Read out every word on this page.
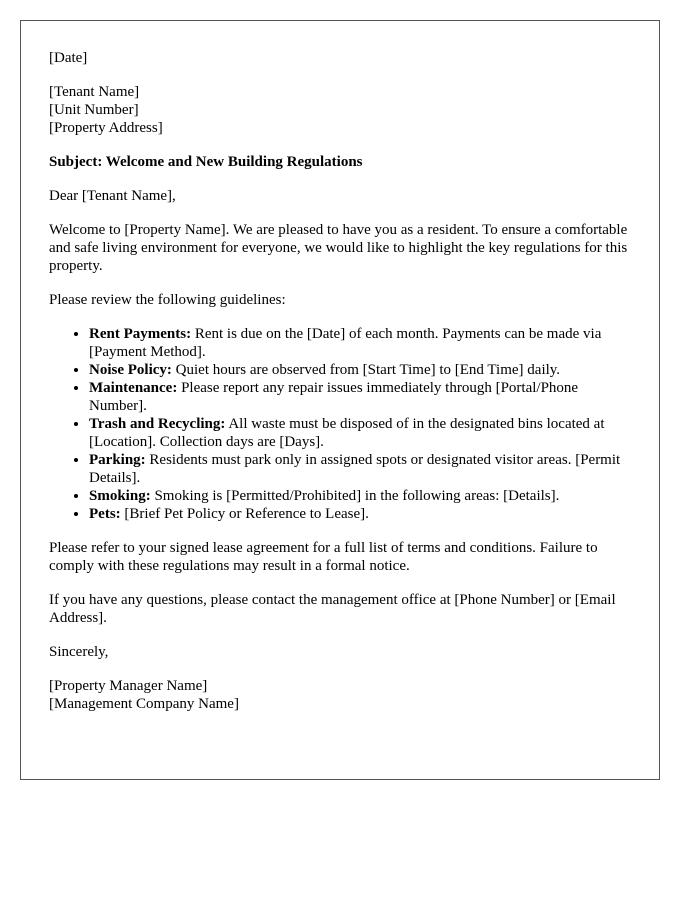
[Date]
[Tenant Name]
[Unit Number]
[Property Address]
Subject: Welcome and New Building Regulations
Dear [Tenant Name],
Welcome to [Property Name]. We are pleased to have you as a resident. To ensure a comfortable and safe living environment for everyone, we would like to highlight the key regulations for this property.
Please review the following guidelines:
• Rent Payments: Rent is due on the [Date] of each month. Payments can be made via [Payment Method].
• Noise Policy: Quiet hours are observed from [Start Time] to [End Time] daily.
• Maintenance: Please report any repair issues immediately through [Portal/Phone Number].
• Trash and Recycling: All waste must be disposed of in the designated bins located at [Location]. Collection days are [Days].
• Parking: Residents must park only in assigned spots or designated visitor areas. [Permit Details].
• Smoking: Smoking is [Permitted/Prohibited] in the following areas: [Details].
• Pets: [Brief Pet Policy or Reference to Lease].
Please refer to your signed lease agreement for a full list of terms and conditions. Failure to comply with these regulations may result in a formal notice.
If you have any questions, please contact the management office at [Phone Number] or [Email Address].
Sincerely,
[Property Manager Name]
[Management Company Name]
